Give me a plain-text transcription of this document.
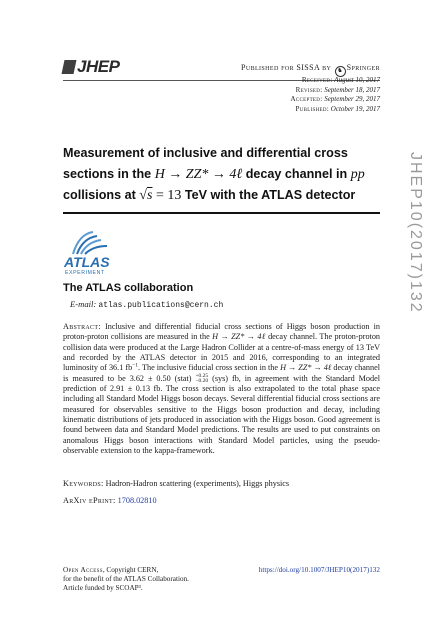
JHEP	Published for SISSA by ♞ Springer
Received: August 10, 2017
Revised: September 18, 2017
Accepted: September 29, 2017
Published: October 19, 2017
JHEP10(2017)132
Measurement of inclusive and differential cross
sections in the H → ZZ* → 4ℓ decay channel in pp
collisions at √s = 13 TeV with the ATLAS detector
ATLAS
EXPERIMENT
The ATLAS collaboration
E-mail: atlas.publications@cern.ch
Abstract: Inclusive and differential fiducial cross sections of Higgs boson production in proton-proton collisions are measured in the H → ZZ* → 4ℓ decay channel. The proton-proton collision data were produced at the Large Hadron Collider at a centre-of-mass energy of 13 TeV and recorded by the ATLAS detector in 2015 and 2016, corresponding to an integrated luminosity of 36.1 $fb^{-1}$. The inclusive fiducial cross section in the H → ZZ* → 4ℓ decay channel is measured to be 3.62 ± 0.50 (stat) +0.25
−0.20 (sys) fb, in agreement with the Standard Model prediction of 2.91 ± 0.13 fb. The cross section is also extrapolated to the total phase space including all Standard Model Higgs boson decays. Several differential fiducial cross sections are measured for observables sensitive to the Higgs boson production and decay, including kinematic distributions of jets produced in association with the Higgs boson. Good agreement is found between data and Standard Model predictions. The results are used to put constraints on anomalous Higgs boson interactions with Standard Model particles, using the pseudo-observable extension to the kappa-framework.
Keywords: Hadron-Hadron scattering (experiments), Higgs physics
ArXiv ePrint: 1708.02810
Open Access, Copyright CERN,
for the benefit of the ATLAS Collaboration.
Article funded by SCOAP³.
https://doi.org/10.1007/JHEP10(2017)132
